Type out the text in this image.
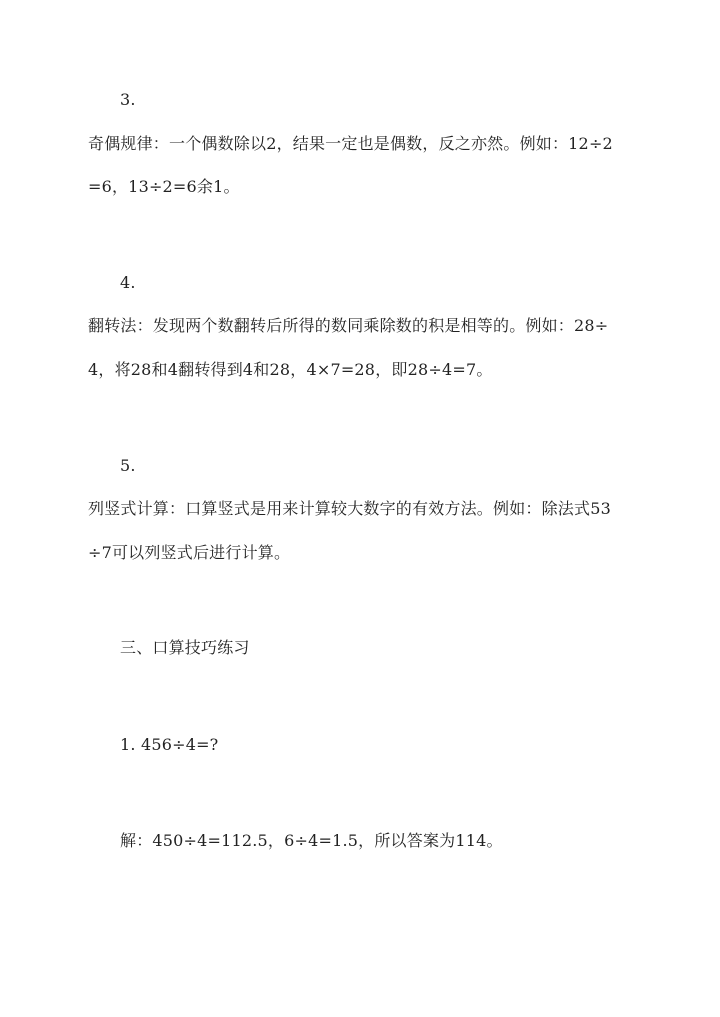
3.
奇偶规律：一个偶数除以2，结果一定也是偶数，反之亦然。例如：12÷2
=6，13÷2=6余1。
4.
翻转法：发现两个数翻转后所得的数同乘除数的积是相等的。例如：28÷
4，将28和4翻转得到4和28，4×7=28，即28÷4=7。
5.
列竖式计算：口算竖式是用来计算较大数字的有效方法。例如：除法式53
÷7可以列竖式后进行计算。
三、口算技巧练习
1. 456÷4=?
解：450÷4=112.5，6÷4=1.5，所以答案为114。
